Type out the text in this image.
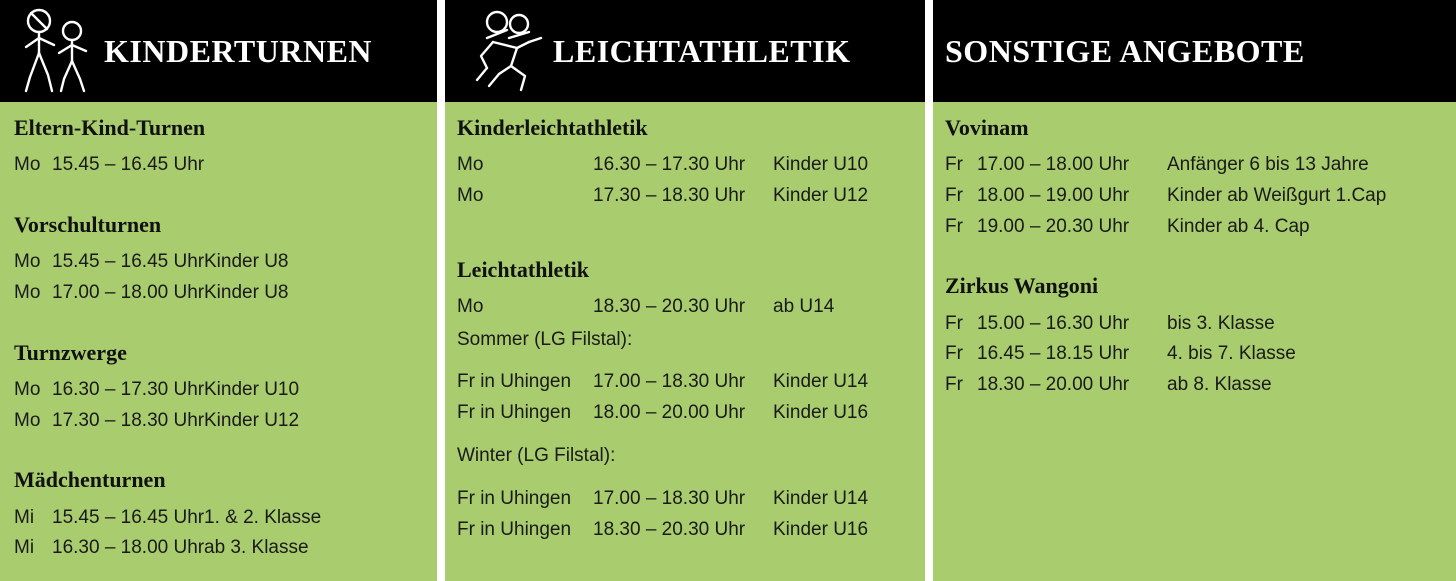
KINDERTURNEN
Eltern-Kind-Turnen
Mo 15.45 – 16.45 Uhr
Vorschulturnen
Mo 15.45 – 16.45 Uhr Kinder U8
Mo 17.00 – 18.00 Uhr Kinder U8
Turnzwerge
Mo 16.30 – 17.30 Uhr Kinder U10
Mo 17.30 – 18.30 Uhr Kinder U12
Mädchenturnen
Mi 15.45 – 16.45 Uhr 1. & 2. Klasse
Mi 16.30 – 18.00 Uhr ab 3. Klasse
LEICHTATHLETIK
Kinderleichtathletik
Mo	16.30 – 17.30 Uhr	Kinder U10
Mo	17.30 – 18.30 Uhr	Kinder U12
Leichtathletik
Mo	18.30 – 20.30 Uhr	ab U14
Sommer (LG Filstal):
Fr in Uhingen	17.00 – 18.30 Uhr	Kinder U14
Fr in Uhingen	18.00 – 20.00 Uhr	Kinder U16
Winter (LG Filstal):
Fr in Uhingen	17.00 – 18.30 Uhr	Kinder U14
Fr in Uhingen	18.30 – 20.30 Uhr	Kinder U16
SONSTIGE ANGEBOTE
Vovinam
Fr 17.00 – 18.00 Uhr	Anfänger 6 bis 13 Jahre
Fr 18.00 – 19.00 Uhr	Kinder ab Weißgurt 1.Cap
Fr 19.00 – 20.30 Uhr	Kinder ab 4. Cap
Zirkus Wangoni
Fr 15.00 – 16.30 Uhr	bis 3. Klasse
Fr 16.45 – 18.15 Uhr	4. bis 7. Klasse
Fr 18.30 – 20.00 Uhr	ab 8. Klasse
